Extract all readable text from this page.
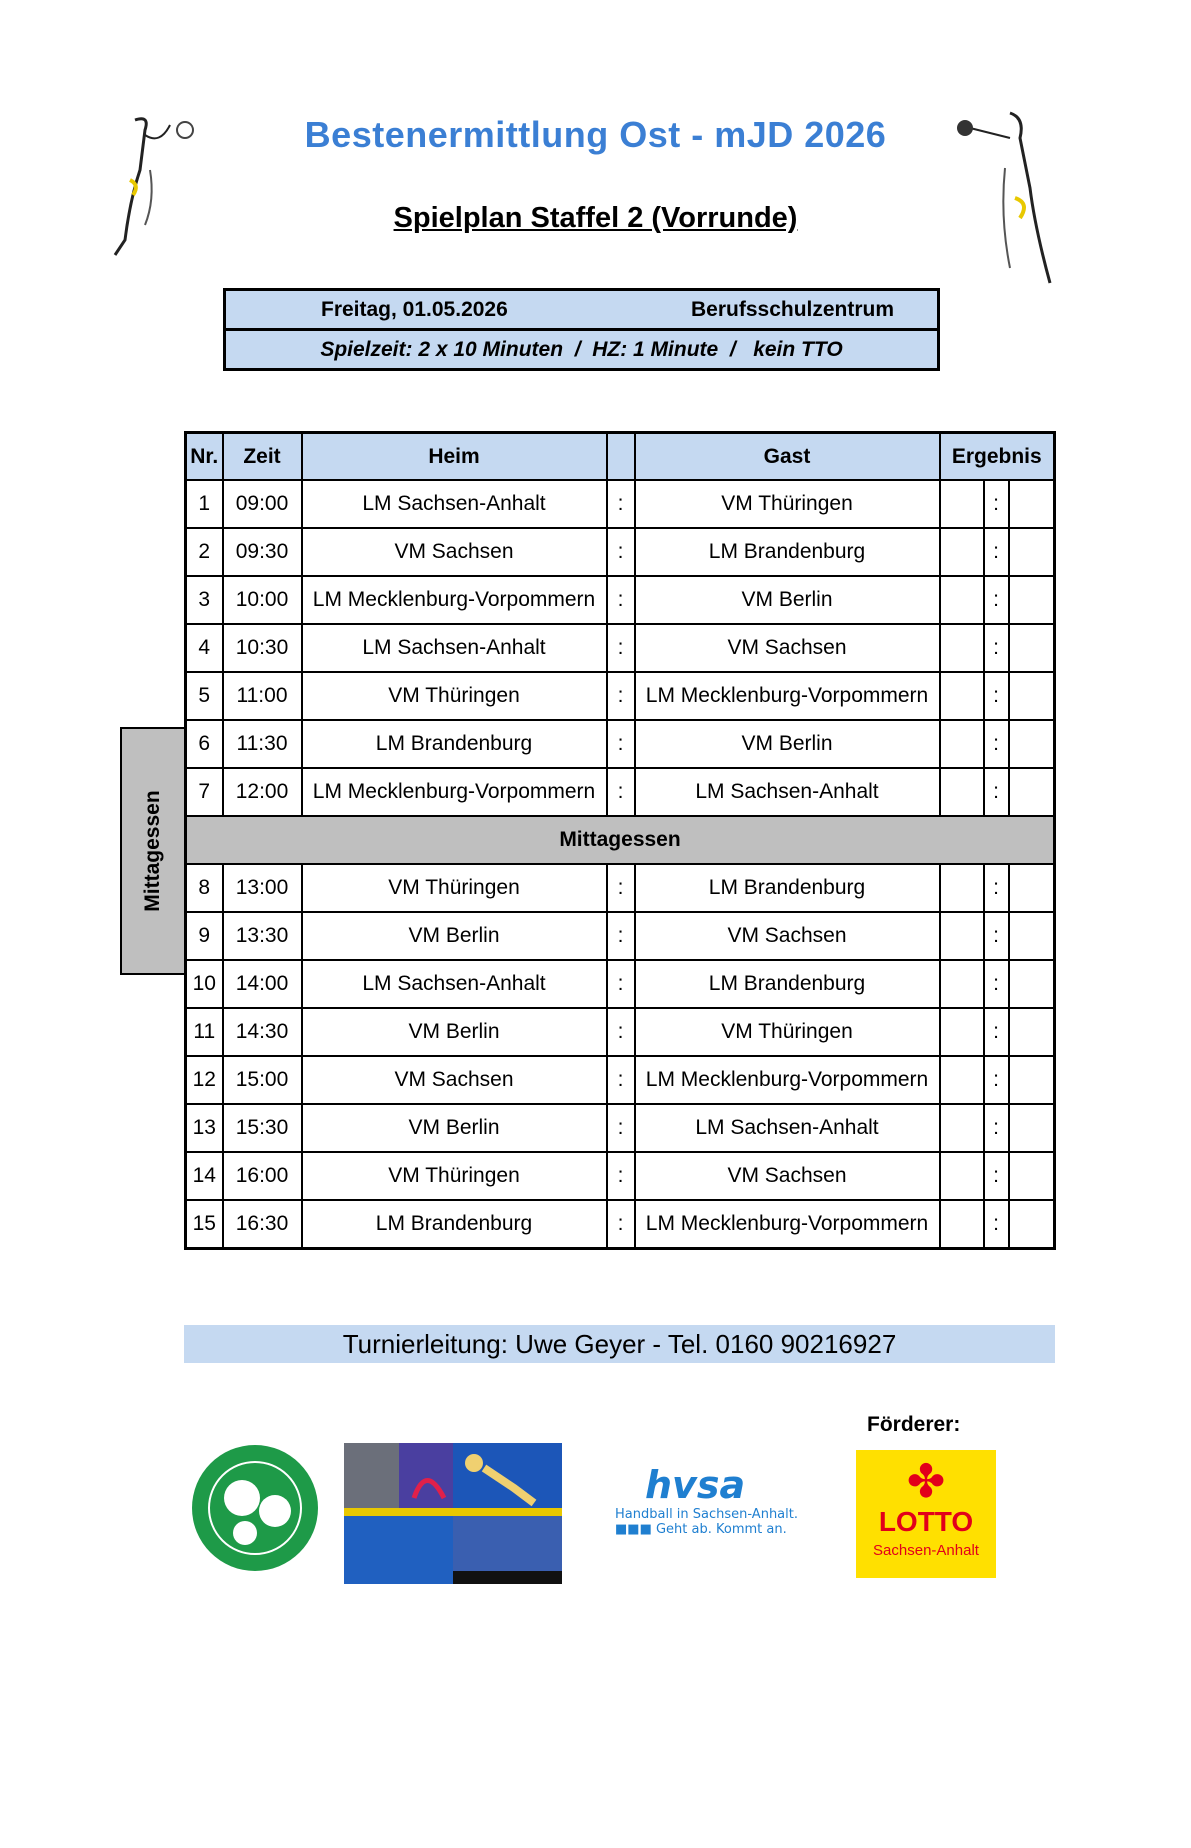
Bestenermittlung Ost - mJD 2026
Spielplan Staffel 2 (Vorrunde)
Freitag, 01.05.2026	Berufsschulzentrum
Spielzeit: 2 x 10 Minuten  /  HZ: 1 Minute  /   kein TTO
Mittagessen
Nr.	Zeit	Heim		Gast	Ergebnis		
1	09:00	LM Sachsen-Anhalt	:	VM Thüringen		:	
2	09:30	VM Sachsen	:	LM Brandenburg		:	
3	10:00	LM Mecklenburg-Vorpommern	:	VM Berlin		:	
4	10:30	LM Sachsen-Anhalt	:	VM Sachsen		:	
5	11:00	VM Thüringen	:	LM Mecklenburg-Vorpommern		:	
6	11:30	LM Brandenburg	:	VM Berlin		:	
7	12:00	LM Mecklenburg-Vorpommern	:	LM Sachsen-Anhalt		:	
Mittagessen							
8	13:00	VM Thüringen	:	LM Brandenburg		:	
9	13:30	VM Berlin	:	VM Sachsen		:	
10	14:00	LM Sachsen-Anhalt	:	LM Brandenburg		:	
11	14:30	VM Berlin	:	VM Thüringen		:	
12	15:00	VM Sachsen	:	LM Mecklenburg-Vorpommern		:	
13	15:30	VM Berlin	:	LM Sachsen-Anhalt		:	
14	16:00	VM Thüringen	:	VM Sachsen		:	
15	16:30	LM Brandenburg	:	LM Mecklenburg-Vorpommern		:	
Turnierleitung: Uwe Geyer - Tel. 0160 90216927
Förderer:
hvsa
Handball in Sachsen-Anhalt.
■■■ Geht ab. Kommt an.
✤
LOTTO
Sachsen-Anhalt
